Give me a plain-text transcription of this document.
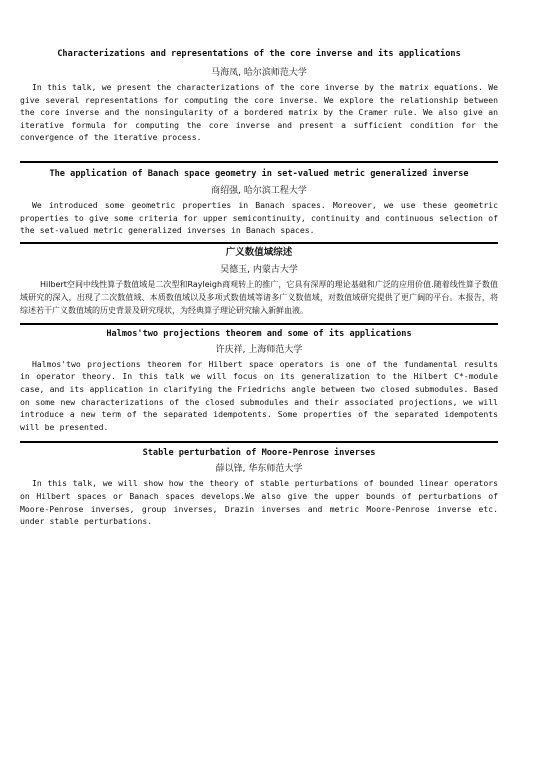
Characterizations and representations of the core inverse and its applications
马海凤, 哈尔滨师范大学
In this talk, we present the characterizations of the core inverse by the matrix equations. We give several representations for computing the core inverse. We explore the relationship between the core inverse and the nonsingularity of a bordered matrix by the Cramer rule. We also give an iterative formula for computing the core inverse and present a sufficient condition for the convergence of the iterative process.
The application of Banach space geometry in set-valued metric generalized inverse
商绍强, 哈尔滨工程大学
We introduced some geometric properties in Banach spaces. Moreover, we use these geometric properties to give some criteria for upper semicontinuity, continuity and continuous selection of the set-valued metric generalized inverses in Banach spaces.
广义数值域综述
吴德玉, 内蒙古大学
Hilbert空间中线性算子数值域是二次型和Rayleigh商观转上的推广，它具有深厚的理论基础和广泛的应用价值.随着线性算子数值域研究的深入，出现了二次数值域、本质数值域以及多项式数值域等诸多广义数值域，对数值域研究提供了更广阔的平台。本报告，将综述若干广义数值域的历史背景及研究现状，为经典算子理论研究输入新鲜血液。
Halmos'two projections theorem and some of its applications
许庆祥, 上海师范大学
Halmos'two projections theorem for Hilbert space operators is one of the fundamental results in operator theory. In this talk we will focus on its generalization to the Hilbert C*-module case, and its application in clarifying the Friedrichs angle between two closed submodules. Based on some new characterizations of the closed submodules and their associated projections, we will introduce a new term of the separated idempotents. Some properties of the separated idempotents will be presented.
Stable perturbation of Moore-Penrose inverses
薛以锋, 华东师范大学
In this talk, we will show how the theory of stable perturbations of bounded linear operators on Hilbert spaces or Banach spaces develops.We also give the upper bounds of perturbations of Moore-Penrose inverses, group inverses, Drazin inverses and metric Moore-Penrose inverse etc. under stable perturbations.
